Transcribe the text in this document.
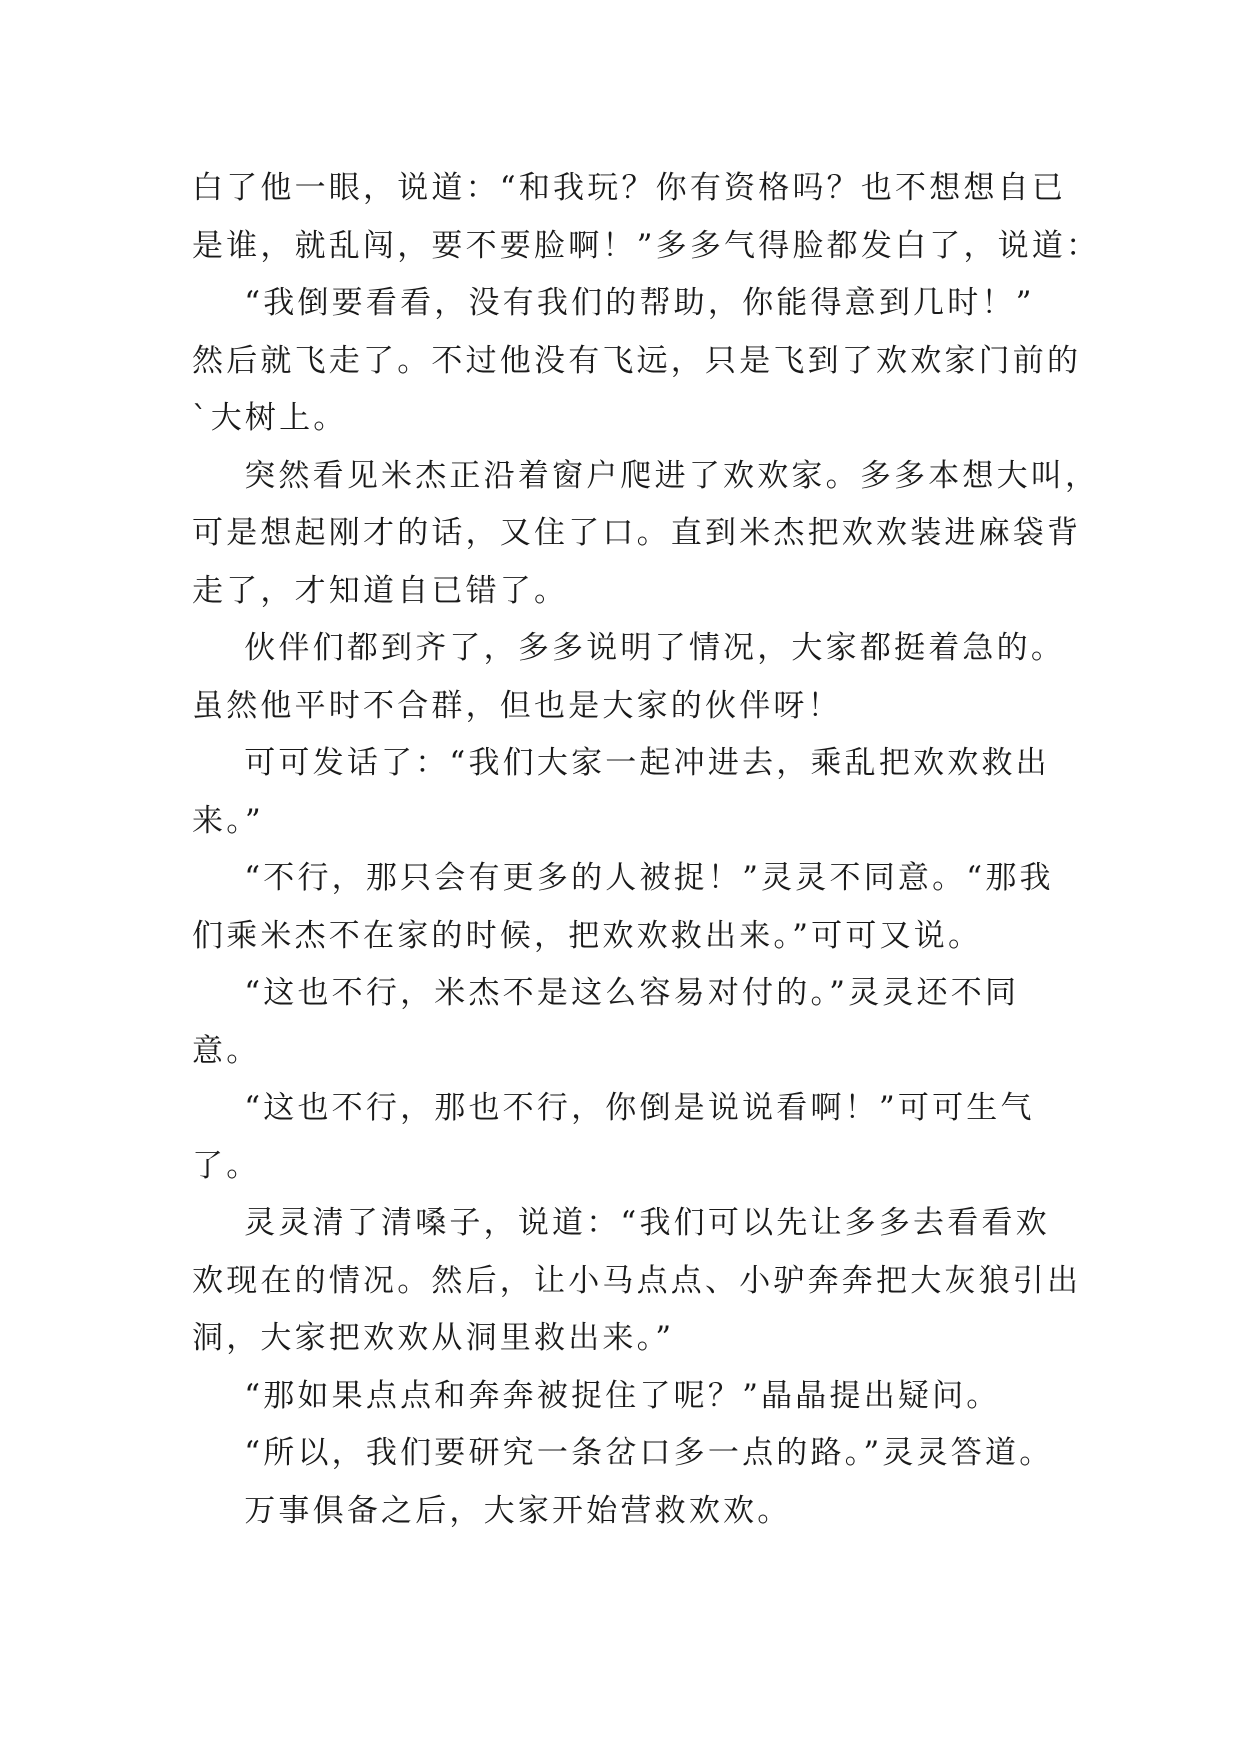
白了他一眼，说道：“和我玩？你有资格吗？也不想想自已
是谁，就乱闯，要不要脸啊！”多多气得脸都发白了，说道：
“我倒要看看，没有我们的帮助，你能得意到几时！”
然后就飞走了。不过他没有飞远，只是飞到了欢欢家门前的
`大树上。
突然看见米杰正沿着窗户爬进了欢欢家。多多本想大叫，
可是想起刚才的话，又住了口。直到米杰把欢欢装进麻袋背
走了，才知道自已错了。
伙伴们都到齐了，多多说明了情况，大家都挺着急的。
虽然他平时不合群，但也是大家的伙伴呀！
可可发话了：“我们大家一起冲进去，乘乱把欢欢救出
来。”
“不行，那只会有更多的人被捉！”灵灵不同意。“那我
们乘米杰不在家的时候，把欢欢救出来。”可可又说。
“这也不行，米杰不是这么容易对付的。”灵灵还不同
意。
“这也不行，那也不行，你倒是说说看啊！”可可生气
了。
灵灵清了清嗓子，说道：“我们可以先让多多去看看欢
欢现在的情况。然后，让小马点点、小驴奔奔把大灰狼引出
洞，大家把欢欢从洞里救出来。”
“那如果点点和奔奔被捉住了呢？”晶晶提出疑问。
“所以，我们要研究一条岔口多一点的路。”灵灵答道。
万事俱备之后，大家开始营救欢欢。
